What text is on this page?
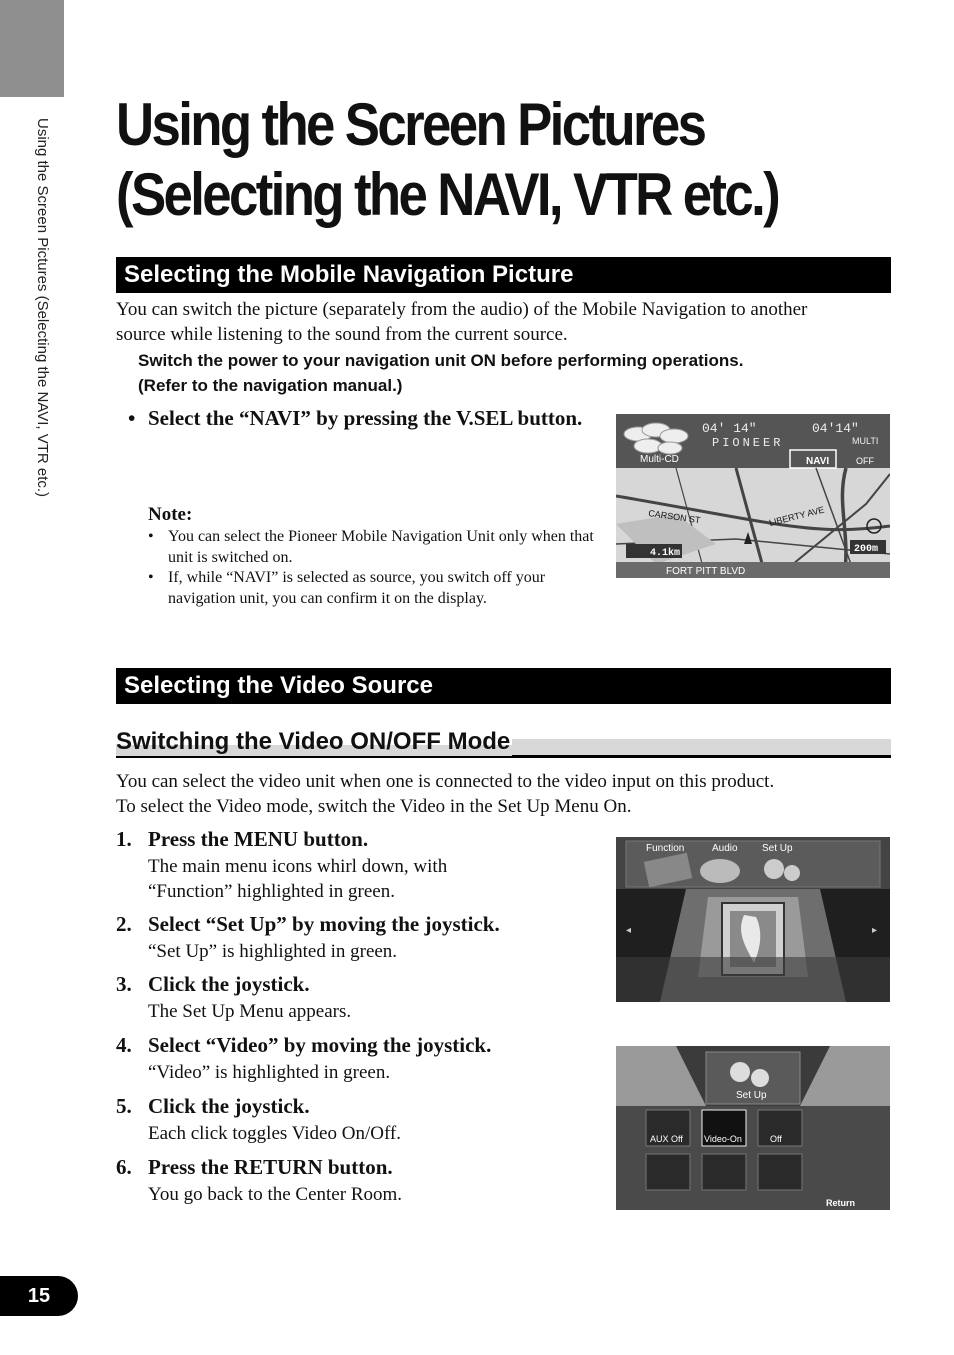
Using the Screen Pictures (Selecting the NAVI, VTR etc.) Using the Screen Pictures
(Selecting the NAVI, VTR etc.)
Selecting the Mobile Navigation Picture

You can switch the picture (separately from the audio) of the Mobile Navigation to another
source while listening to the sound from the current source.

Switch the power to your navigation unit ON before performing operations.
(Refer to the navigation manual.)

• Select the “NAVI” by pressing the V.SEL button.
Note:
• You can select the Pioneer Mobile Navigation Unit only when that unit is switched on.
• If, while “NAVI” is selected as source, you switch off your navigation unit, you can confirm it on the display.
04' 14"	04'14"
PIONEER	MULTI
Multi-CD	NAVI	OFF
CARSON ST	LIBERTY AVE
4.1km	200m
FORT PITT BLVD
Selecting the Video Source
Switching the Video ON/OFF Mode

You can select the video unit when one is connected to the video input on this product.
To select the Video mode, switch the Video in the Set Up Menu On.

1. Press the MENU button.
The main menu icons whirl down, with “Function” highlighted in green.
2. Select “Set Up” by moving the joystick.
“Set Up” is highlighted in green.
3. Click the joystick.
The Set Up Menu appears.
4. Select “Video” by moving the joystick.
“Video” is highlighted in green.
5. Click the joystick.
Each click toggles Video On/Off.
6. Press the RETURN button.
You go back to the Center Room.
Function	Audio Set Up
◂	▸
Set Up
AUX Off Video-On	Off
Return
15
